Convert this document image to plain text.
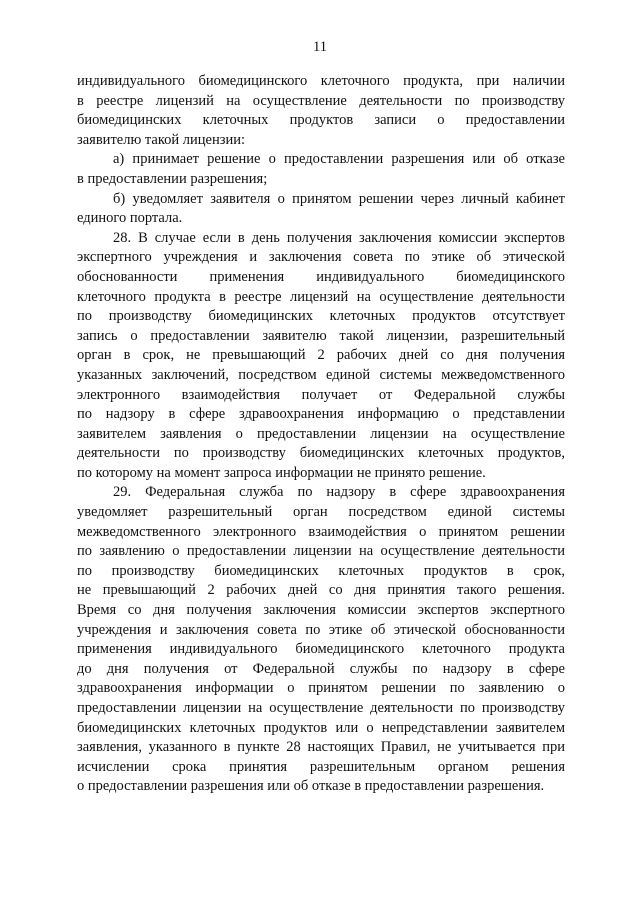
11
индивидуального биомедицинского клеточного продукта, при наличии
в реестре лицензий на осуществление деятельности по производству
биомедицинских клеточных продуктов записи о предоставлении
заявителю такой лицензии:
а) принимает решение о предоставлении разрешения или об отказе
в предоставлении разрешения;
б) уведомляет заявителя о принятом решении через личный кабинет
единого портала.
28. В случае если в день получения заключения комиссии экспертов
экспертного учреждения и заключения совета по этике об этической
обоснованности применения индивидуального биомедицинского
клеточного продукта в реестре лицензий на осуществление деятельности
по производству биомедицинских клеточных продуктов отсутствует
запись о предоставлении заявителю такой лицензии, разрешительный
орган в срок, не превышающий 2 рабочих дней со дня получения
указанных заключений, посредством единой системы межведомственного
электронного взаимодействия получает от Федеральной службы
по надзору в сфере здравоохранения информацию о представлении
заявителем заявления о предоставлении лицензии на осуществление
деятельности по производству биомедицинских клеточных продуктов,
по которому на момент запроса информации не принято решение.
29. Федеральная служба по надзору в сфере здравоохранения
уведомляет разрешительный орган посредством единой системы
межведомственного электронного взаимодействия о принятом решении
по заявлению о предоставлении лицензии на осуществление деятельности
по производству биомедицинских клеточных продуктов в срок,
не превышающий 2 рабочих дней со дня принятия такого решения.
Время со дня получения заключения комиссии экспертов экспертного
учреждения и заключения совета по этике об этической обоснованности
применения индивидуального биомедицинского клеточного продукта
до дня получения от Федеральной службы по надзору в сфере
здравоохранения информации о принятом решении по заявлению о
предоставлении лицензии на осуществление деятельности по производству
биомедицинских клеточных продуктов или о непредставлении заявителем
заявления, указанного в пункте 28 настоящих Правил, не учитывается при
исчислении срока принятия разрешительным органом решения
о предоставлении разрешения или об отказе в предоставлении разрешения.
